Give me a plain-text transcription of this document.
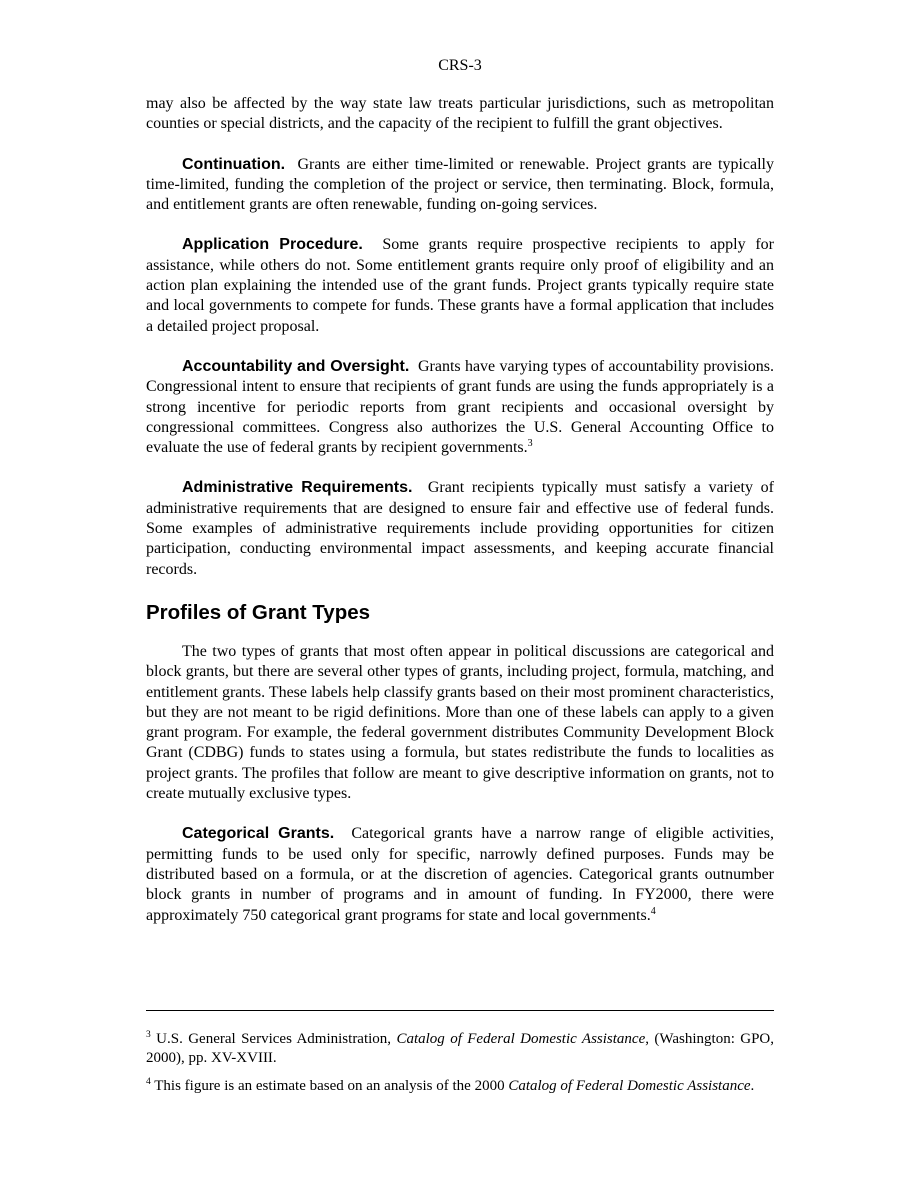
CRS-3

may also be affected by the way state law treats particular jurisdictions, such as metropolitan counties or special districts, and the capacity of the recipient to fulfill the grant objectives.

Continuation. Grants are either time-limited or renewable. Project grants are typically time-limited, funding the completion of the project or service, then terminating. Block, formula, and entitlement grants are often renewable, funding on-going services.

Application Procedure. Some grants require prospective recipients to apply for assistance, while others do not. Some entitlement grants require only proof of eligibility and an action plan explaining the intended use of the grant funds. Project grants typically require state and local governments to compete for funds. These grants have a formal application that includes a detailed project proposal.

Accountability and Oversight. Grants have varying types of accountability provisions. Congressional intent to ensure that recipients of grant funds are using the funds appropriately is a strong incentive for periodic reports from grant recipients and occasional oversight by congressional committees. Congress also authorizes the U.S. General Accounting Office to evaluate the use of federal grants by recipient governments.$^3$

Administrative Requirements. Grant recipients typically must satisfy a variety of administrative requirements that are designed to ensure fair and effective use of federal funds. Some examples of administrative requirements include providing opportunities for citizen participation, conducting environmental impact assessments, and keeping accurate financial records.

Profiles of Grant Types

The two types of grants that most often appear in political discussions are categorical and block grants, but there are several other types of grants, including project, formula, matching, and entitlement grants. These labels help classify grants based on their most prominent characteristics, but they are not meant to be rigid definitions. More than one of these labels can apply to a given grant program. For example, the federal government distributes Community Development Block Grant (CDBG) funds to states using a formula, but states redistribute the funds to localities as project grants. The profiles that follow are meant to give descriptive information on grants, not to create mutually exclusive types.

Categorical Grants. Categorical grants have a narrow range of eligible activities, permitting funds to be used only for specific, narrowly defined purposes. Funds may be distributed based on a formula, or at the discretion of agencies. Categorical grants outnumber block grants in number of programs and in amount of funding. In FY2000, there were approximately 750 categorical grant programs for state and local governments.$^4$

$^3$ U.S. General Services Administration, Catalog of Federal Domestic Assistance, (Washington: GPO, 2000), pp. XV-XVIII.

$^4$ This figure is an estimate based on an analysis of the 2000 Catalog of Federal Domestic Assistance.
